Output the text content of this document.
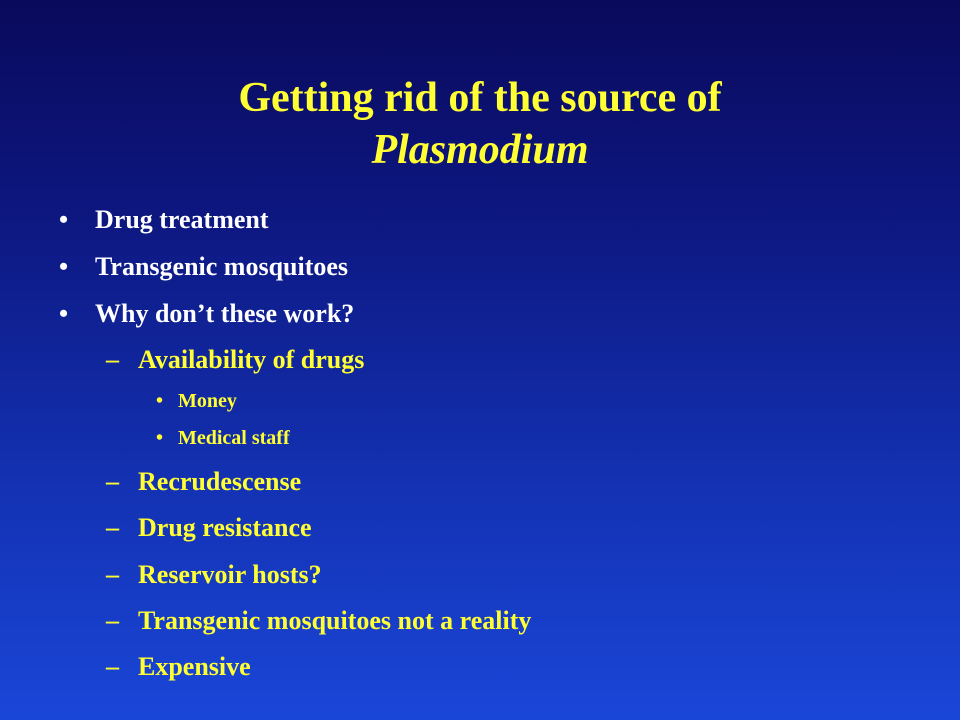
Getting rid of the source of
Plasmodium
• Drug treatment
• Transgenic mosquitoes
• Why don’t these work?
– Availability of drugs
• Money
• Medical staff
– Recrudescense
– Drug resistance
– Reservoir hosts?
– Transgenic mosquitoes not a reality
– Expensive
